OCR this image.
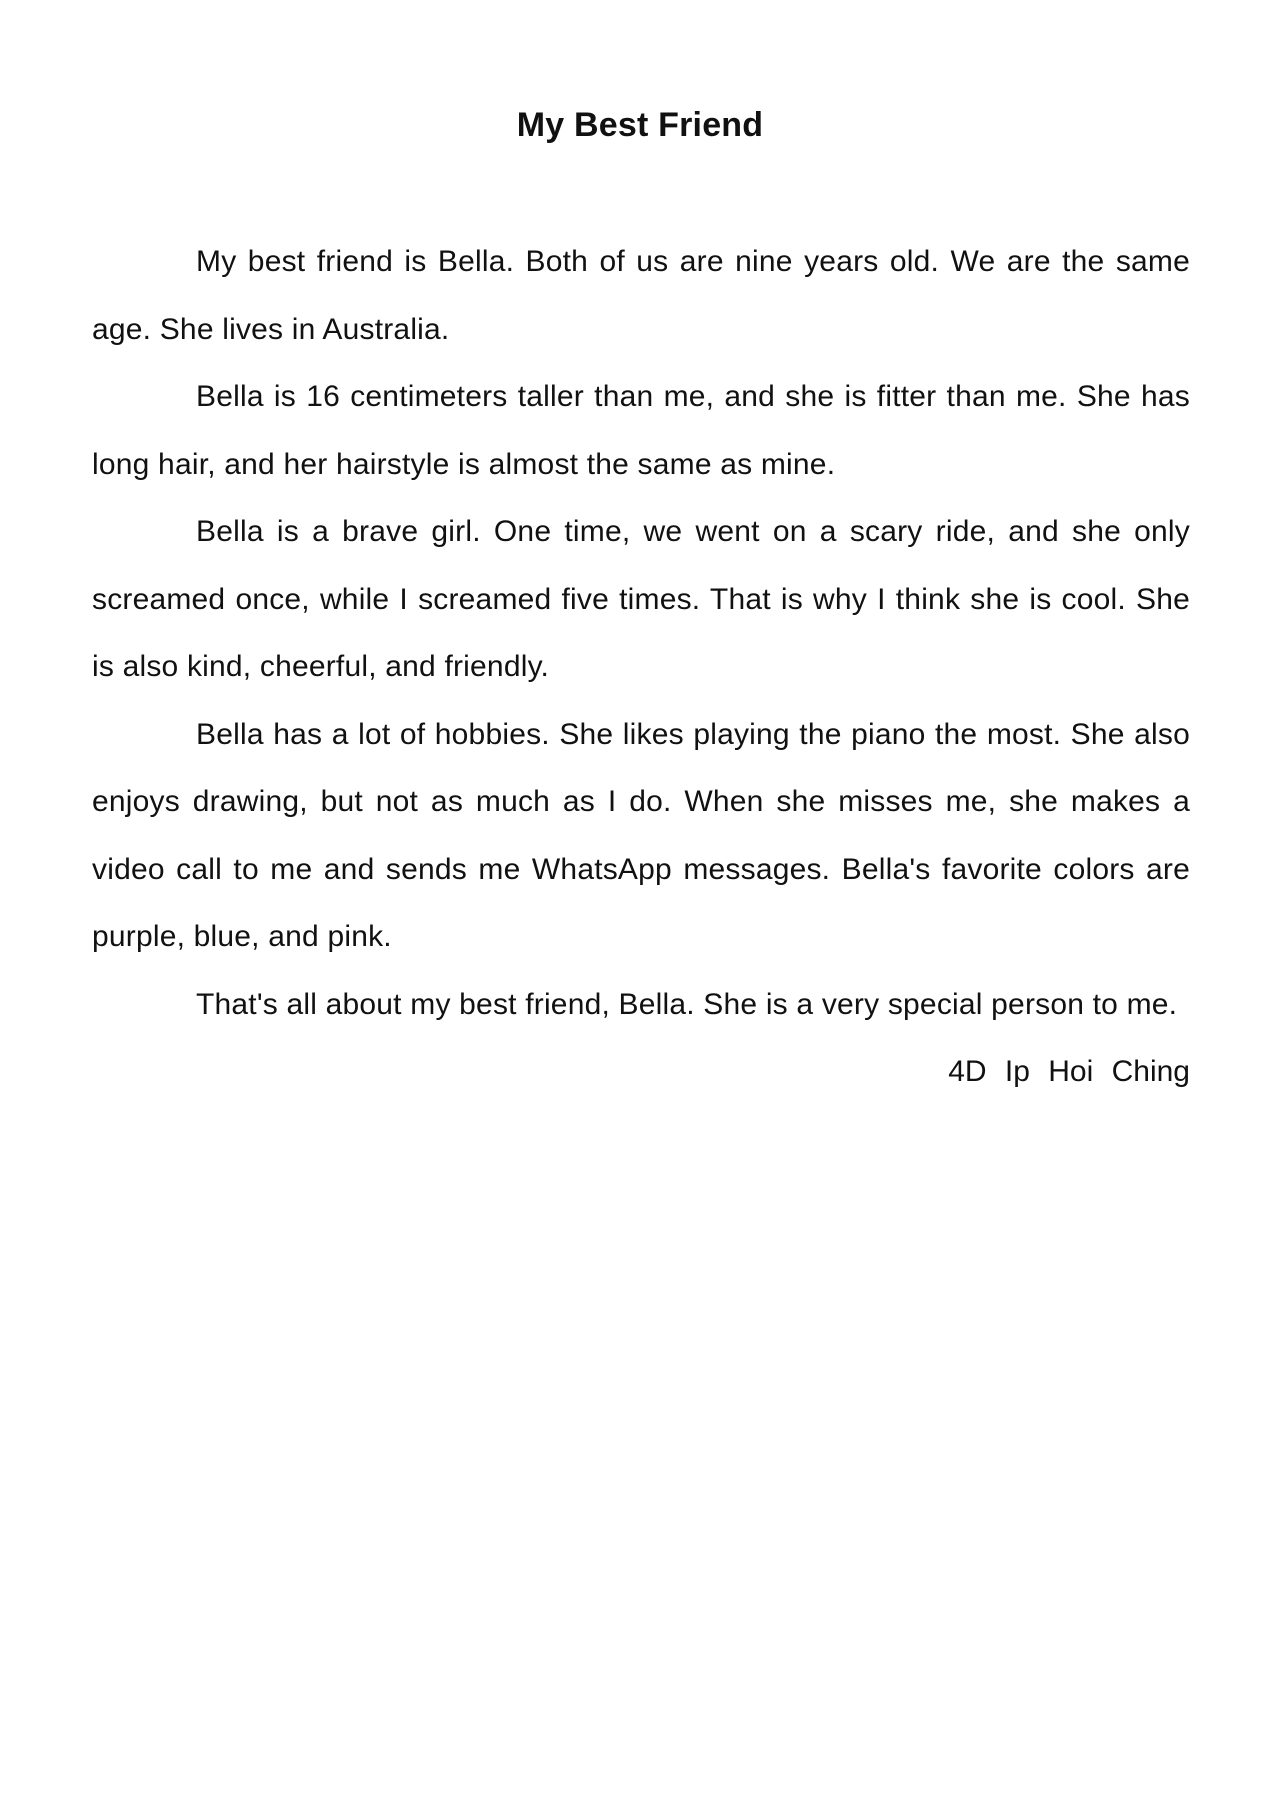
My Best Friend

My best friend is Bella. Both of us are nine years old. We are the same age. She lives in Australia.

Bella is 16 centimeters taller than me, and she is fitter than me. She has long hair, and her hairstyle is almost the same as mine.

Bella is a brave girl. One time, we went on a scary ride, and she only screamed once, while I screamed five times. That is why I think she is cool. She is also kind, cheerful, and friendly.

Bella has a lot of hobbies. She likes playing the piano the most. She also enjoys drawing, but not as much as I do. When she misses me, she makes a video call to me and sends me WhatsApp messages. Bella's favorite colors are purple, blue, and pink.

That's all about my best friend, Bella. She is a very special person to me.

4D Ip Hoi Ching
